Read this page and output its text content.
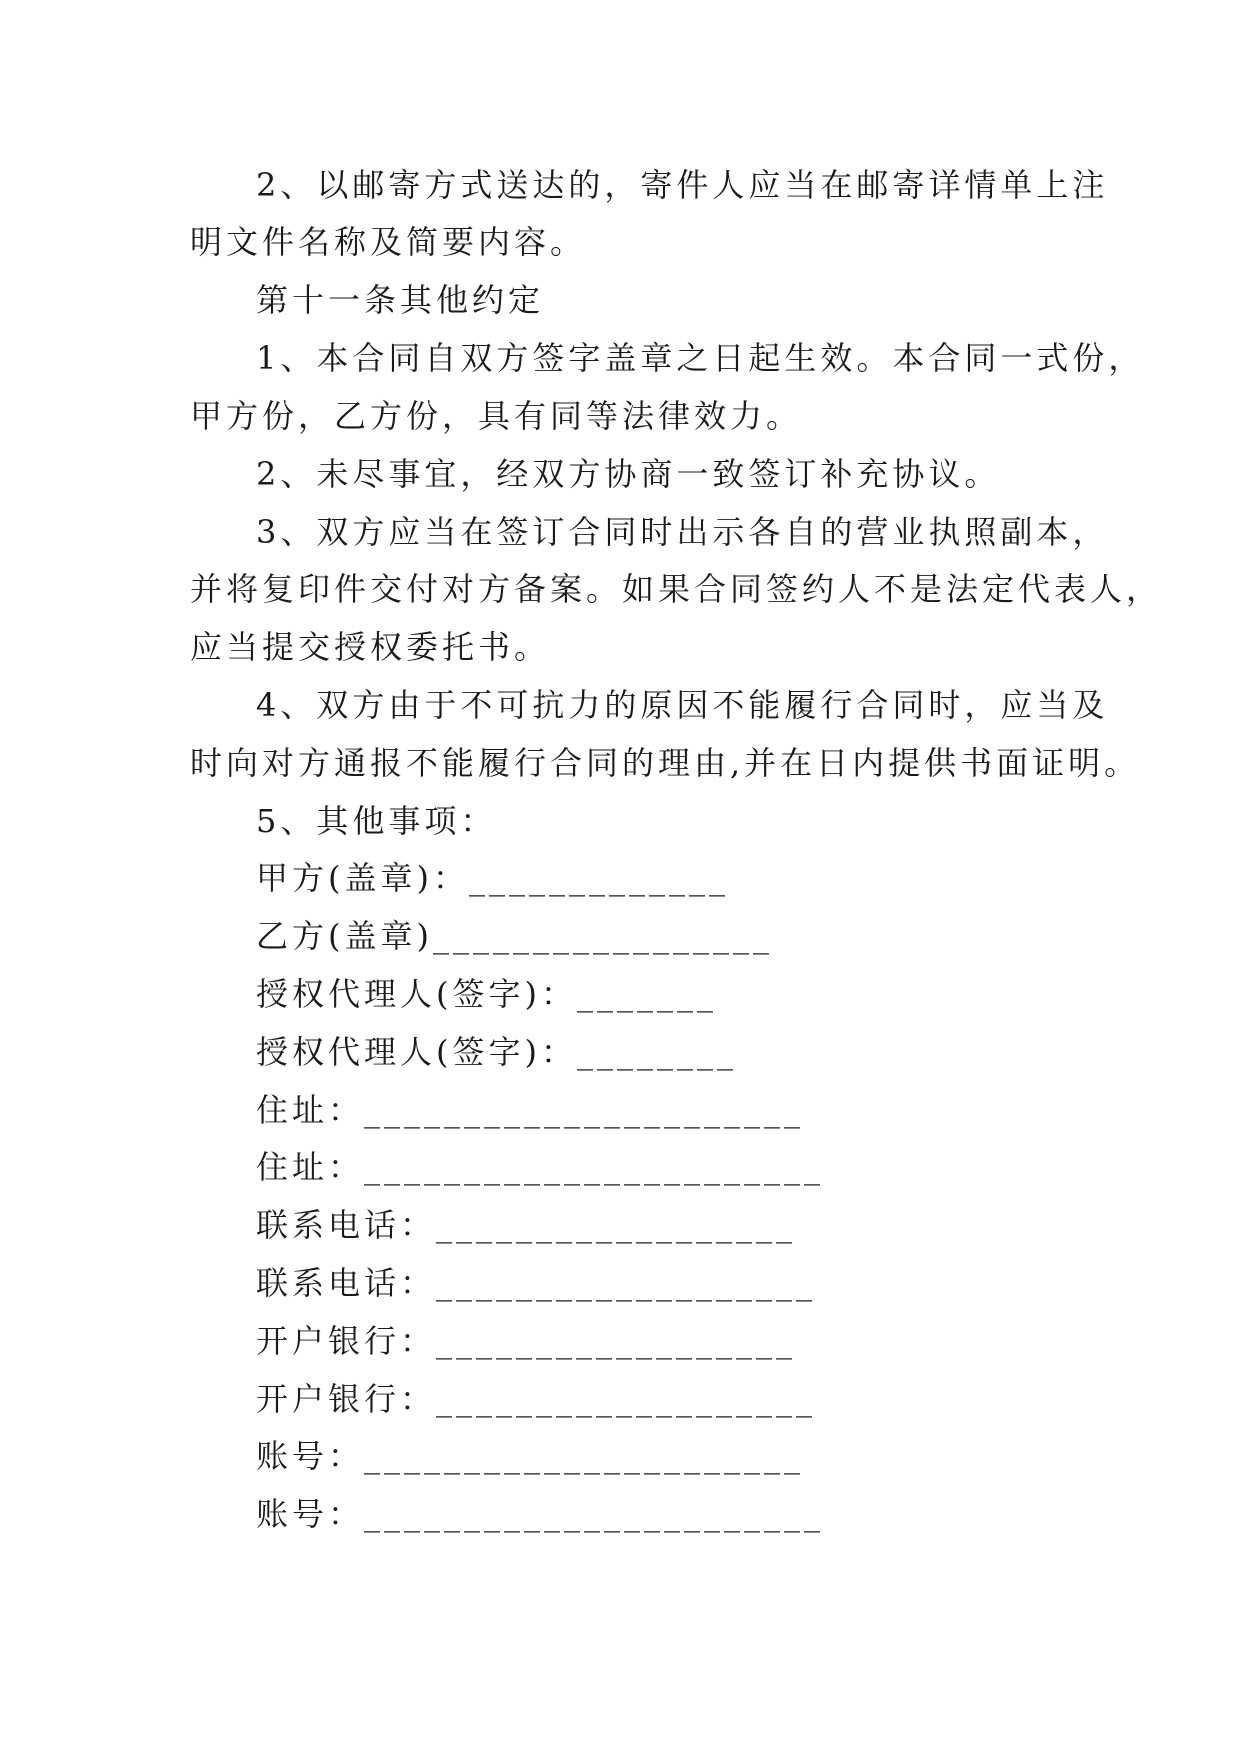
2、以邮寄方式送达的，寄件人应当在邮寄详情单上注
明文件名称及简要内容。
第十一条其他约定
1、本合同自双方签字盖章之日起生效。本合同一式份，
甲方份，乙方份，具有同等法律效力。
2、未尽事宜，经双方协商一致签订补充协议。
3、双方应当在签订合同时出示各自的营业执照副本，
并将复印件交付对方备案。如果合同签约人不是法定代表人，
应当提交授权委托书。
4、双方由于不可抗力的原因不能履行合同时，应当及
时向对方通报不能履行合同的理由,并在日内提供书面证明。
5、其他事项：
甲方(盖章)：_____________
乙方(盖章)_________________
授权代理人(签字)：_______
授权代理人(签字)：________
住址：______________________
住址：_______________________
联系电话：__________________
联系电话：___________________
开户银行：__________________
开户银行：___________________
账号：______________________
账号：_______________________
